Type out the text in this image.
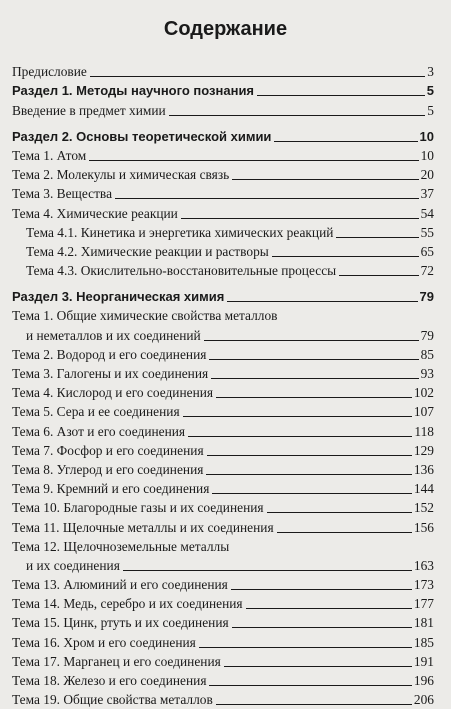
Содержание
Предисловие	3
Раздел 1. Методы научного познания	5
Введение в предмет химии	5
Раздел 2. Основы теоретической химии	10
Тема 1. Атом	10
Тема 2. Молекулы и химическая связь	20
Тема 3. Вещества	37
Тема 4. Химические реакции	54
Тема 4.1. Кинетика и энергетика химических реакций	55
Тема 4.2. Химические реакции и растворы	65
Тема 4.3. Окислительно-восстановительные процессы	72
Раздел 3. Неорганическая химия	79
Тема 1. Общие химические свойства металлов
и неметаллов и их соединений	79
Тема 2. Водород и его соединения	85
Тема 3. Галогены и их соединения	93
Тема 4. Кислород и его соединения	102
Тема 5. Сера и ее соединения	107
Тема 6. Азот и его соединения	118
Тема 7. Фосфор и его соединения	129
Тема 8. Углерод и его соединения	136
Тема 9. Кремний и его соединения	144
Тема 10. Благородные газы и их соединения	152
Тема 11. Щелочные металлы и их соединения	156
Тема 12. Щелочноземельные металлы
и их соединения	163
Тема 13. Алюминий и его соединения	173
Тема 14. Медь, серебро и их соединения	177
Тема 15. Цинк, ртуть и их соединения	181
Тема 16. Хром и его соединения	185
Тема 17. Марганец и его соединения	191
Тема 18. Железо и его соединения	196
Тема 19. Общие свойства металлов	206
